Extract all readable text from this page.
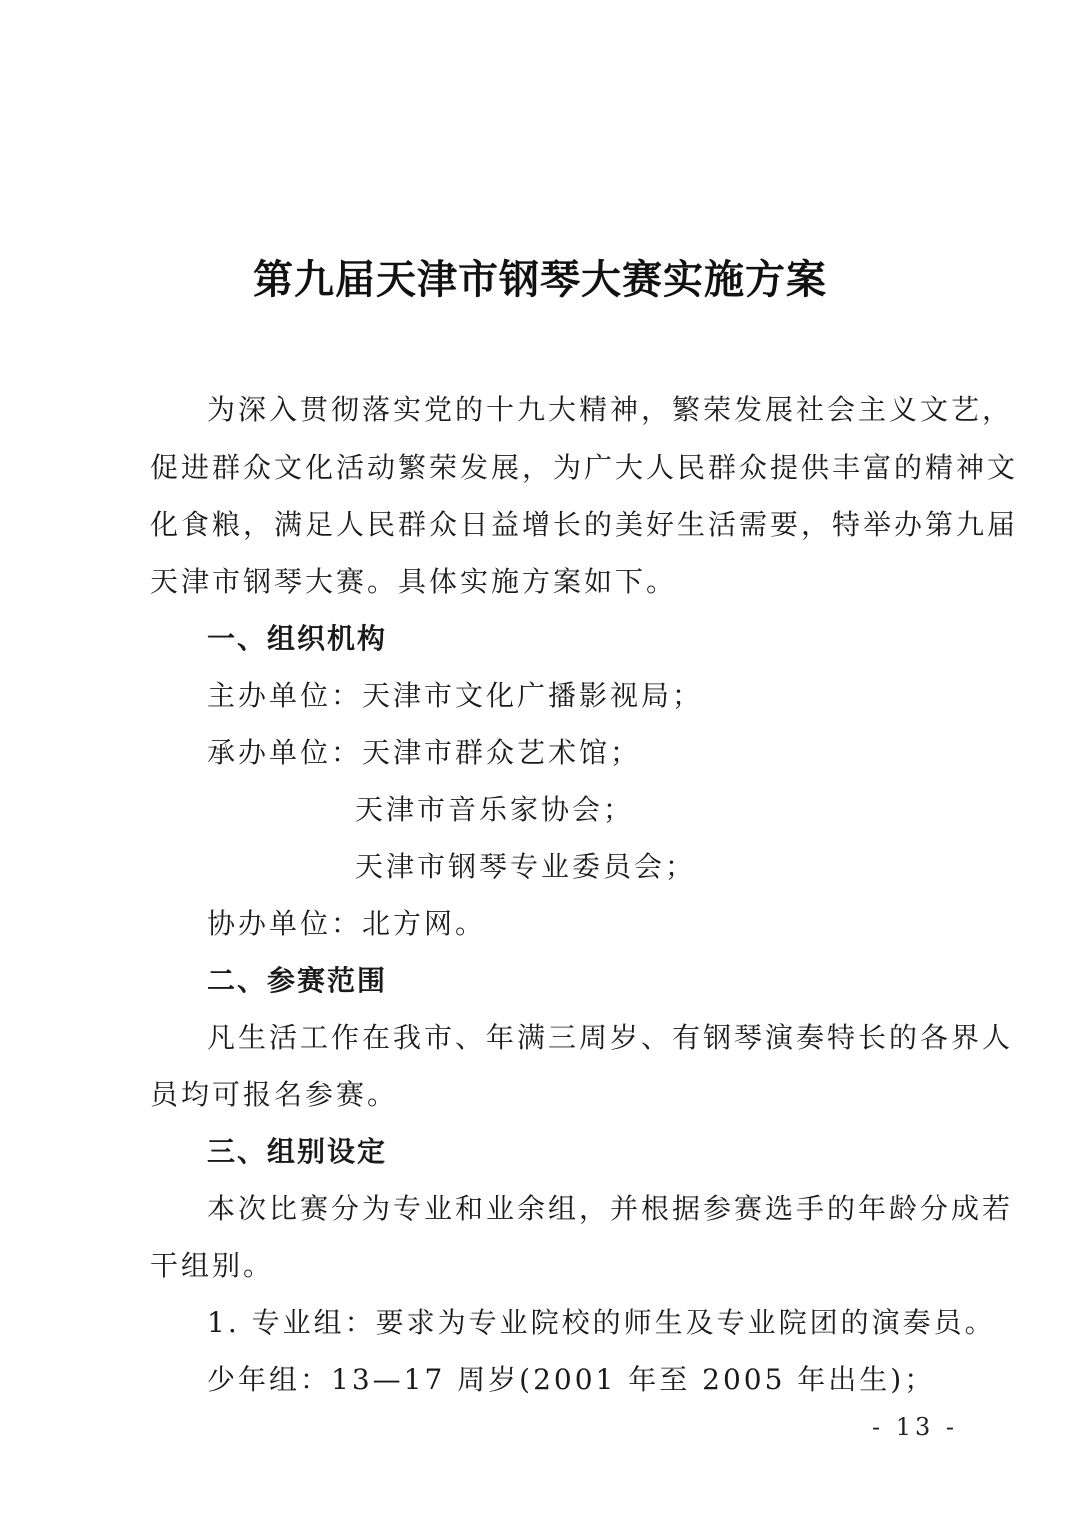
第九届天津市钢琴大赛实施方案
为深入贯彻落实党的十九大精神，繁荣发展社会主义文艺，
促进群众文化活动繁荣发展，为广大人民群众提供丰富的精神文
化食粮，满足人民群众日益增长的美好生活需要，特举办第九届
天津市钢琴大赛。具体实施方案如下。
一、组织机构
主办单位：天津市文化广播影视局；
承办单位：天津市群众艺术馆；
天津市音乐家协会；
天津市钢琴专业委员会；
协办单位：北方网。
二、参赛范围
凡生活工作在我市、年满三周岁、有钢琴演奏特长的各界人
员均可报名参赛。
三、组别设定
本次比赛分为专业和业余组，并根据参赛选手的年龄分成若
干组别。
1. 专业组：要求为专业院校的师生及专业院团的演奏员。
少年组：13—17 周岁(2001 年至 2005 年出生)；
- 13 -
